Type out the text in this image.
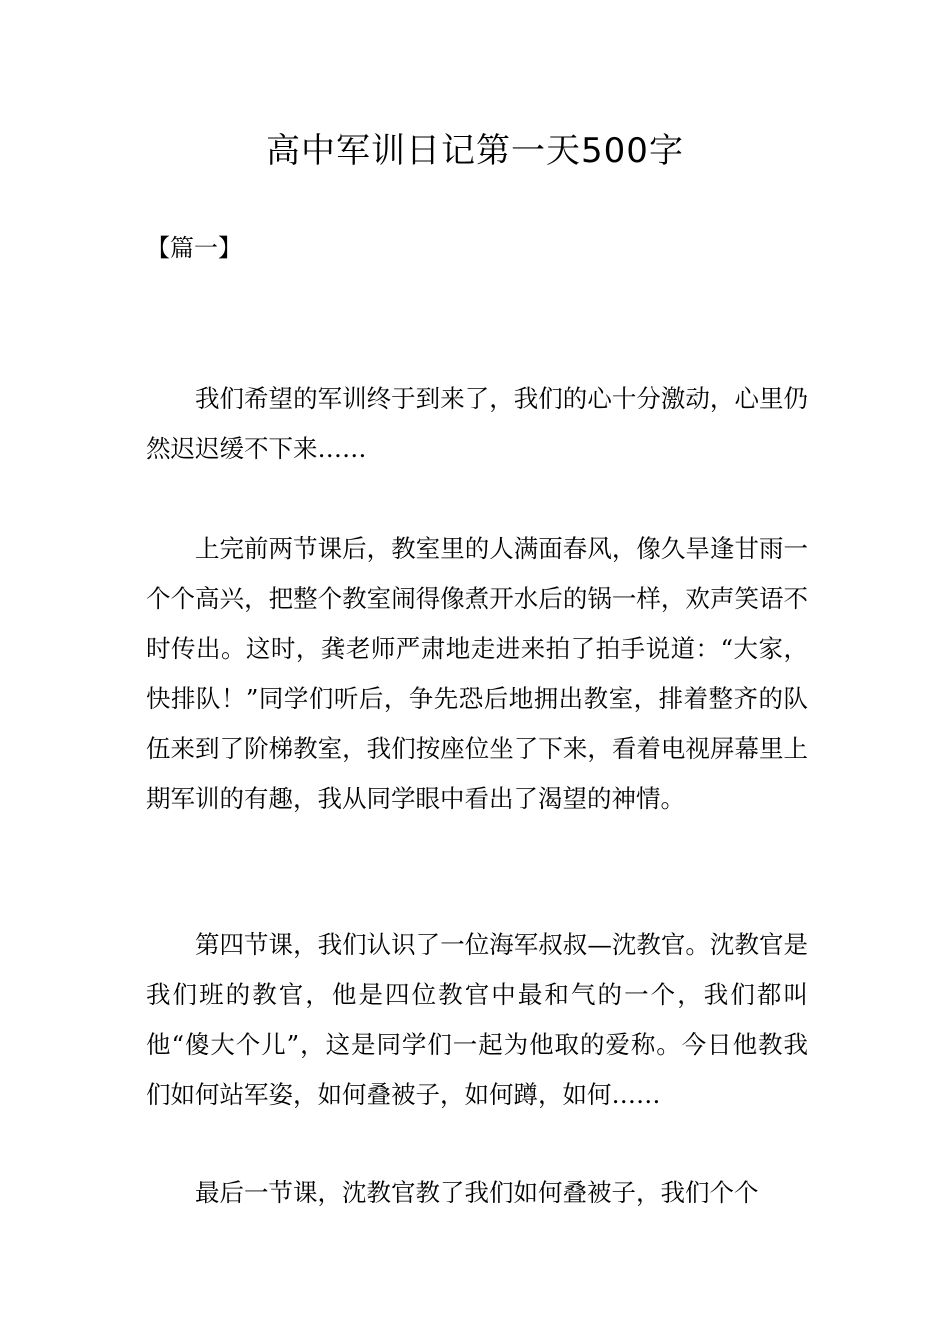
高中军训日记第一天500字
【篇一】

我们希望的军训终于到来了，我们的心十分激动，心里仍然迟迟缓不下来……

上完前两节课后，教室里的人满面春风，像久旱逢甘雨一个个高兴，把整个教室闹得像煮开水后的锅一样，欢声笑语不时传出。这时，龚老师严肃地走进来拍了拍手说道：“大家，快排队！”同学们听后，争先恐后地拥出教室，排着整齐的队伍来到了阶梯教室，我们按座位坐了下来，看着电视屏幕里上期军训的有趣，我从同学眼中看出了渴望的神情。

第四节课，我们认识了一位海军叔叔—沈教官。沈教官是我们班的教官，他是四位教官中最和气的一个，我们都叫他“傻大个儿”，这是同学们一起为他取的爱称。今日他教我们如何站军姿，如何叠被子，如何蹲，如何……

最后一节课，沈教官教了我们如何叠被子，我们个个
